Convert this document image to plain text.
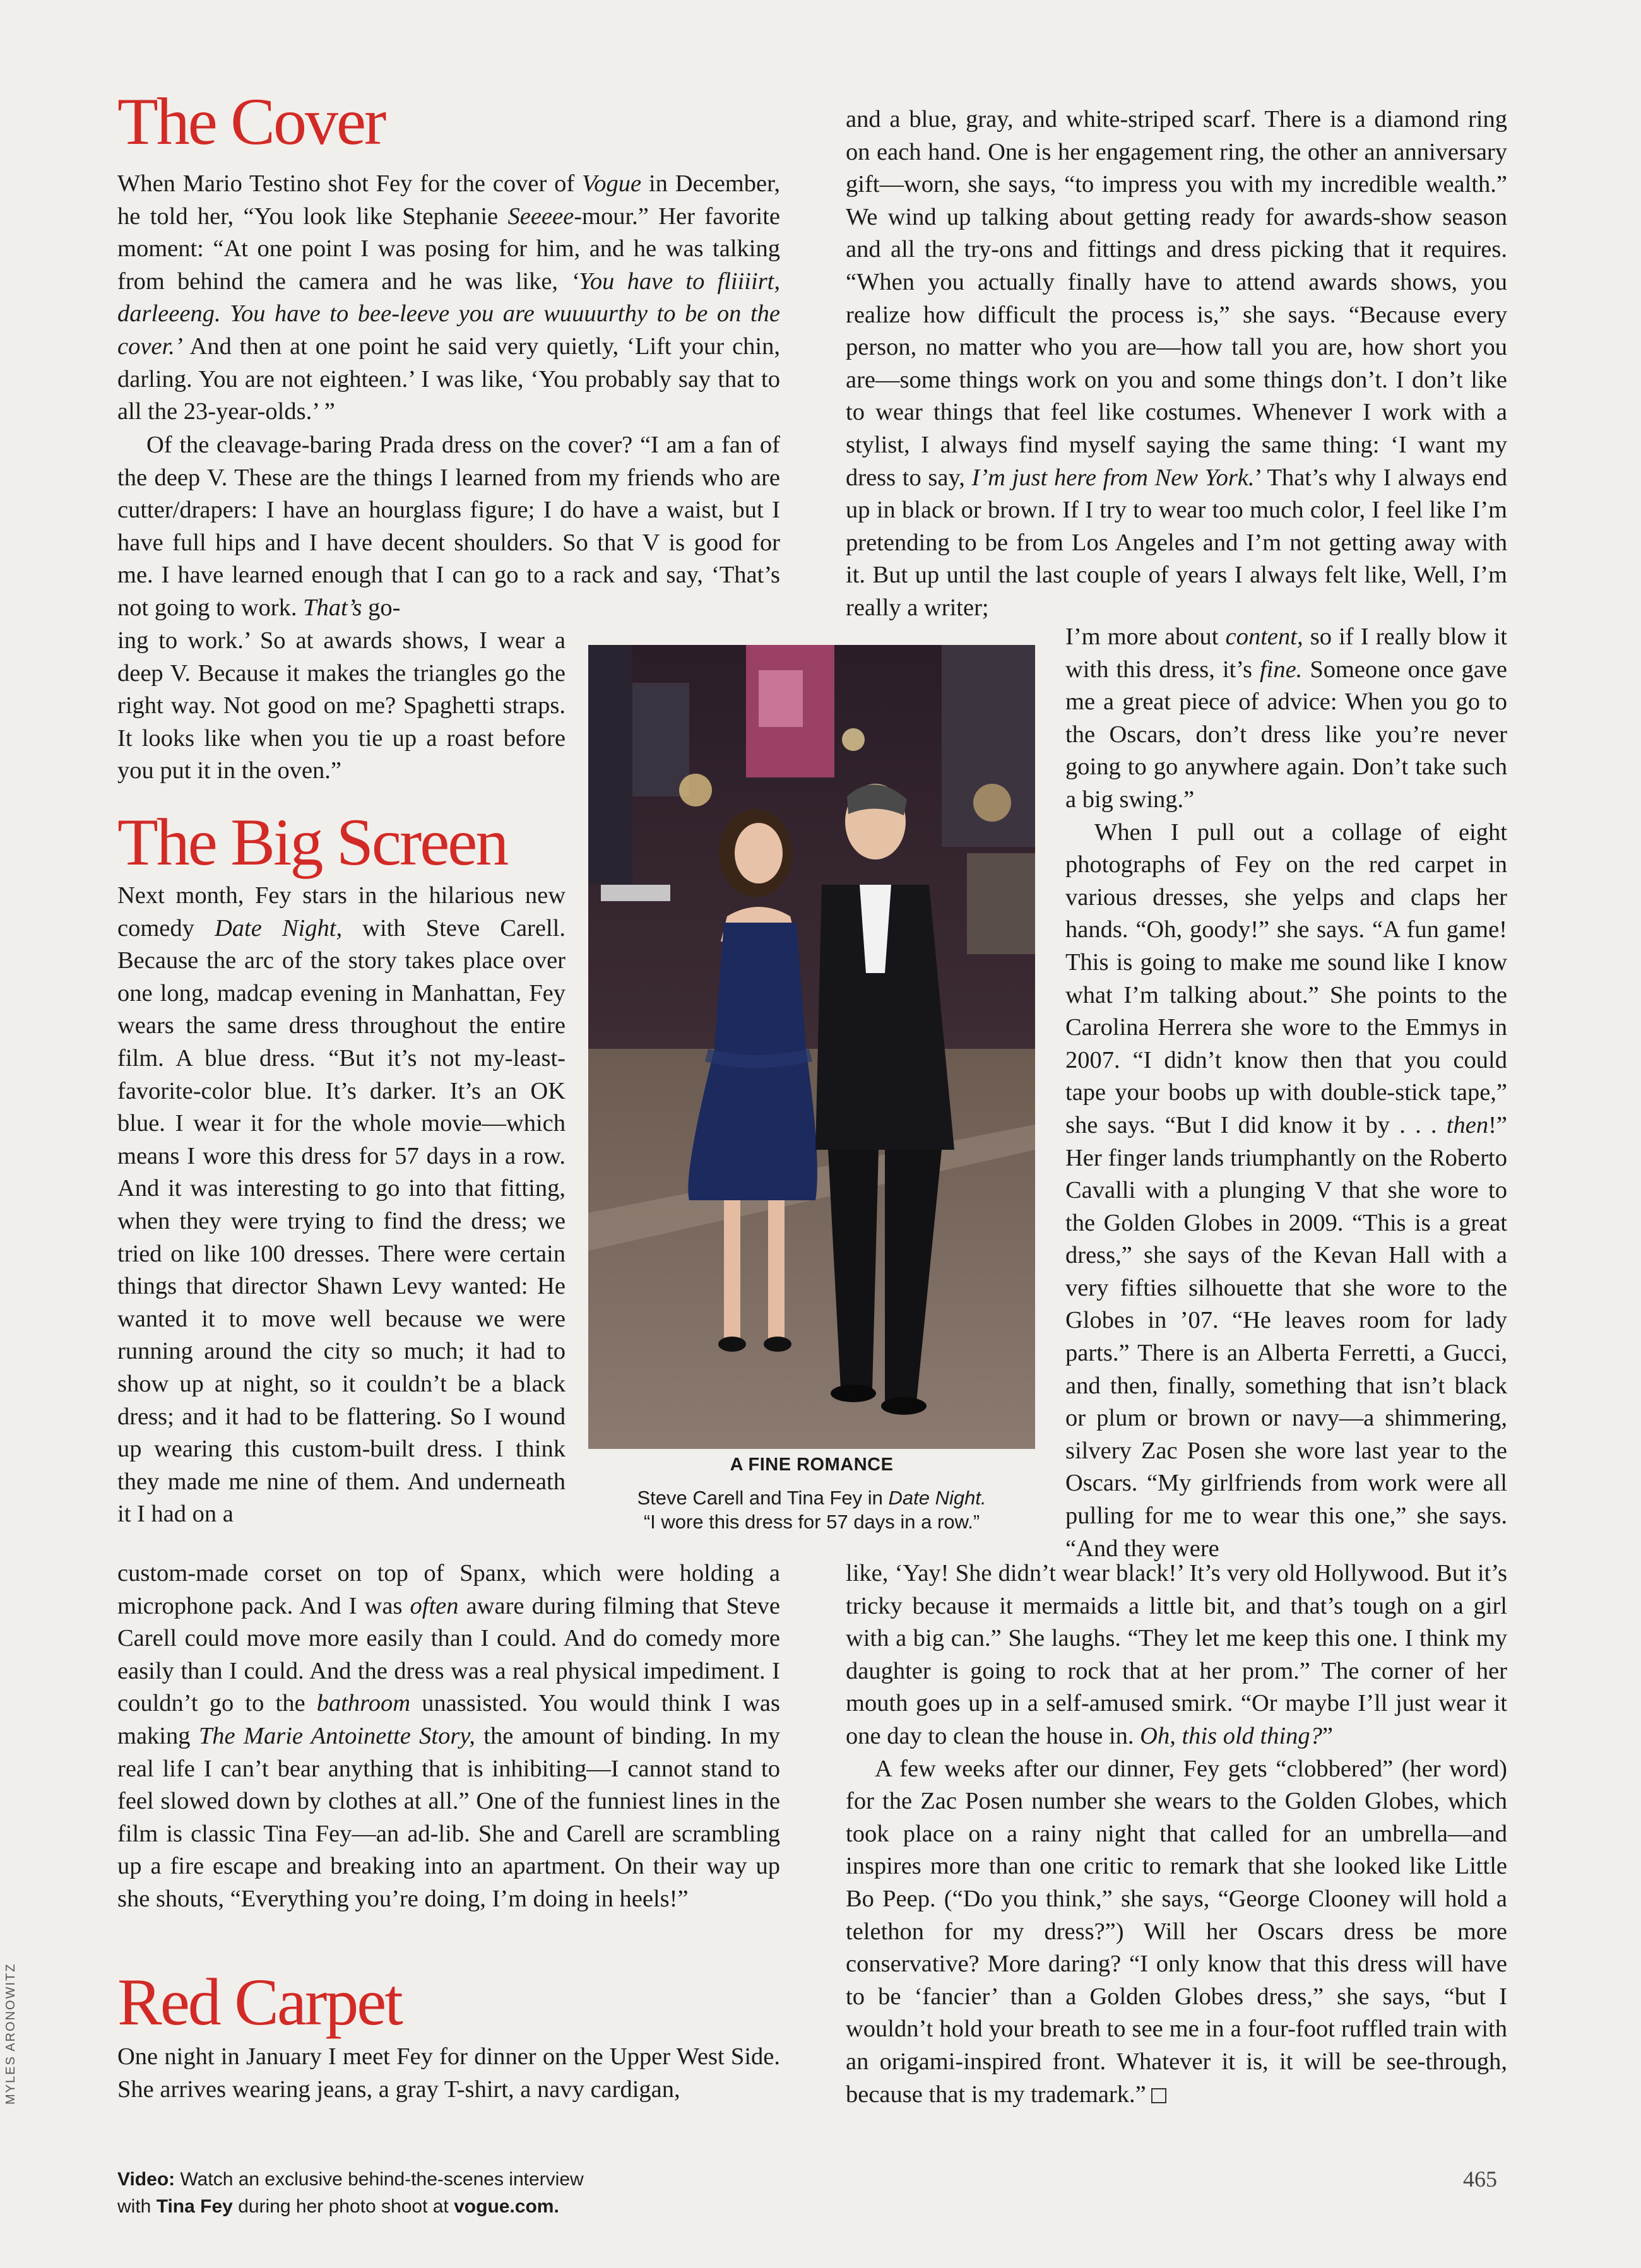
The Cover

When Mario Testino shot Fey for the cover of Vogue in December, he told her, “You look like Stephanie Seeeee-mour.” Her favorite moment: “At one point I was posing for him, and he was talking from behind the camera and he was like, ‘You have to fliiiirt, darleeeng. You have to bee-leeve you are wuuuurthy to be on the cover.’ And then at one point he said very quietly, ‘Lift your chin, darling. You are not eighteen.’ I was like, ‘You probably say that to all the 23-year-olds.’ ”

Of the cleavage-baring Prada dress on the cover? “I am a fan of the deep V. These are the things I learned from my friends who are cutter/drapers: I have an hourglass figure; I do have a waist, but I have full hips and I have decent shoulders. So that V is good for me. I have learned enough that I can go to a rack and say, ‘That’s not going to work. That’s go-

ing to work.’ So at awards shows, I wear a deep V. Because it makes the triangles go the right way. Not good on me? Spaghetti straps. It looks like when you tie up a roast before you put it in the oven.”

The Big Screen

Next month, Fey stars in the hilarious new comedy Date Night, with Steve Carell. Because the arc of the story takes place over one long, madcap evening in Manhattan, Fey wears the same dress throughout the entire film. A blue dress. “But it’s not my-least-favorite-color blue. It’s darker. It’s an OK blue. I wear it for the whole movie—which means I wore this dress for 57 days in a row. And it was interesting to go into that fitting, when they were trying to find the dress; we tried on like 100 dresses. There were certain things that director Shawn Levy wanted: He wanted it to move well because we were running around the city so much; it had to show up at night, so it couldn’t be a black dress; and it had to be flattering. So I wound up wearing this custom-built dress. I think they made me nine of them. And underneath it I had on a

custom-made corset on top of Spanx, which were holding a microphone pack. And I was often aware during filming that Steve Carell could move more easily than I could. And do comedy more easily than I could. And the dress was a real physical impediment. I couldn’t go to the bathroom unassisted. You would think I was making The Marie Antoinette Story, the amount of binding. In my real life I can’t bear anything that is inhibiting—I cannot stand to feel slowed down by clothes at all.” One of the funniest lines in the film is classic Tina Fey—an ad-lib. She and Carell are scrambling up a fire escape and breaking into an apartment. On their way up she shouts, “Everything you’re doing, I’m doing in heels!”

Red Carpet

One night in January I meet Fey for dinner on the Upper West Side. She arrives wearing jeans, a gray T-shirt, a navy cardigan,

and a blue, gray, and white-striped scarf. There is a diamond ring on each hand. One is her engagement ring, the other an anniversary gift—worn, she says, “to impress you with my incredible wealth.” We wind up talking about getting ready for awards-show season and all the try-ons and fittings and dress picking that it requires. “When you actually finally have to attend awards shows, you realize how difficult the process is,” she says. “Because every person, no matter who you are—how tall you are, how short you are—some things work on you and some things don’t. I don’t like to wear things that feel like costumes. Whenever I work with a stylist, I always find myself saying the same thing: ‘I want my dress to say, I’m just here from New York.’ That’s why I always end up in black or brown. If I try to wear too much color, I feel like I’m pretending to be from Los Angeles and I’m not getting away with it. But up until the last couple of years I always felt like, Well, I’m really a writer;

I’m more about content, so if I really blow it with this dress, it’s fine. Someone once gave me a great piece of advice: When you go to the Oscars, don’t dress like you’re never going to go anywhere again. Don’t take such a big swing.”

When I pull out a collage of eight photographs of Fey on the red carpet in various dresses, she yelps and claps her hands. “Oh, goody!” she says. “A fun game! This is going to make me sound like I know what I’m talking about.” She points to the Carolina Herrera she wore to the Emmys in 2007. “I didn’t know then that you could tape your boobs up with double-stick tape,” she says. “But I did know it by . . . then!” Her finger lands triumphantly on the Roberto Cavalli with a plunging V that she wore to the Golden Globes in 2009. “This is a great dress,” she says of the Kevan Hall with a very fifties silhouette that she wore to the Globes in ’07. “He leaves room for lady parts.” There is an Alberta Ferretti, a Gucci, and then, finally, something that isn’t black or plum or brown or navy—a shimmering, silvery Zac Posen she wore last year to the Oscars. “My girlfriends from work were all pulling for me to wear this one,” she says. “And they were

like, ‘Yay! She didn’t wear black!’ It’s very old Hollywood. But it’s tricky because it mermaids a little bit, and that’s tough on a girl with a big can.” She laughs. “They let me keep this one. I think my daughter is going to rock that at her prom.” The corner of her mouth goes up in a self-amused smirk. “Or maybe I’ll just wear it one day to clean the house in. Oh, this old thing?”

A few weeks after our dinner, Fey gets “clobbered” (her word) for the Zac Posen number she wears to the Golden Globes, which took place on a rainy night that called for an umbrella—and inspires more than one critic to remark that she looked like Little Bo Peep. (“Do you think,” she says, “George Clooney will hold a telethon for my dress?”) Will her Oscars dress be more conservative? More daring? “I only know that this dress will have to be ‘fancier’ than a Golden Globes dress,” she says, “but I wouldn’t hold your breath to see me in a four-foot ruffled train with an origami-inspired front. Whatever it is, it will be see-through, because that is my trademark.”

A FINE ROMANCE
Steve Carell and Tina Fey in Date Night.
“I wore this dress for 57 days in a row.”
MYLES ARONOWITZ
Video: Watch an exclusive behind-the-scenes interview
with Tina Fey during her photo shoot at vogue.com.
465
